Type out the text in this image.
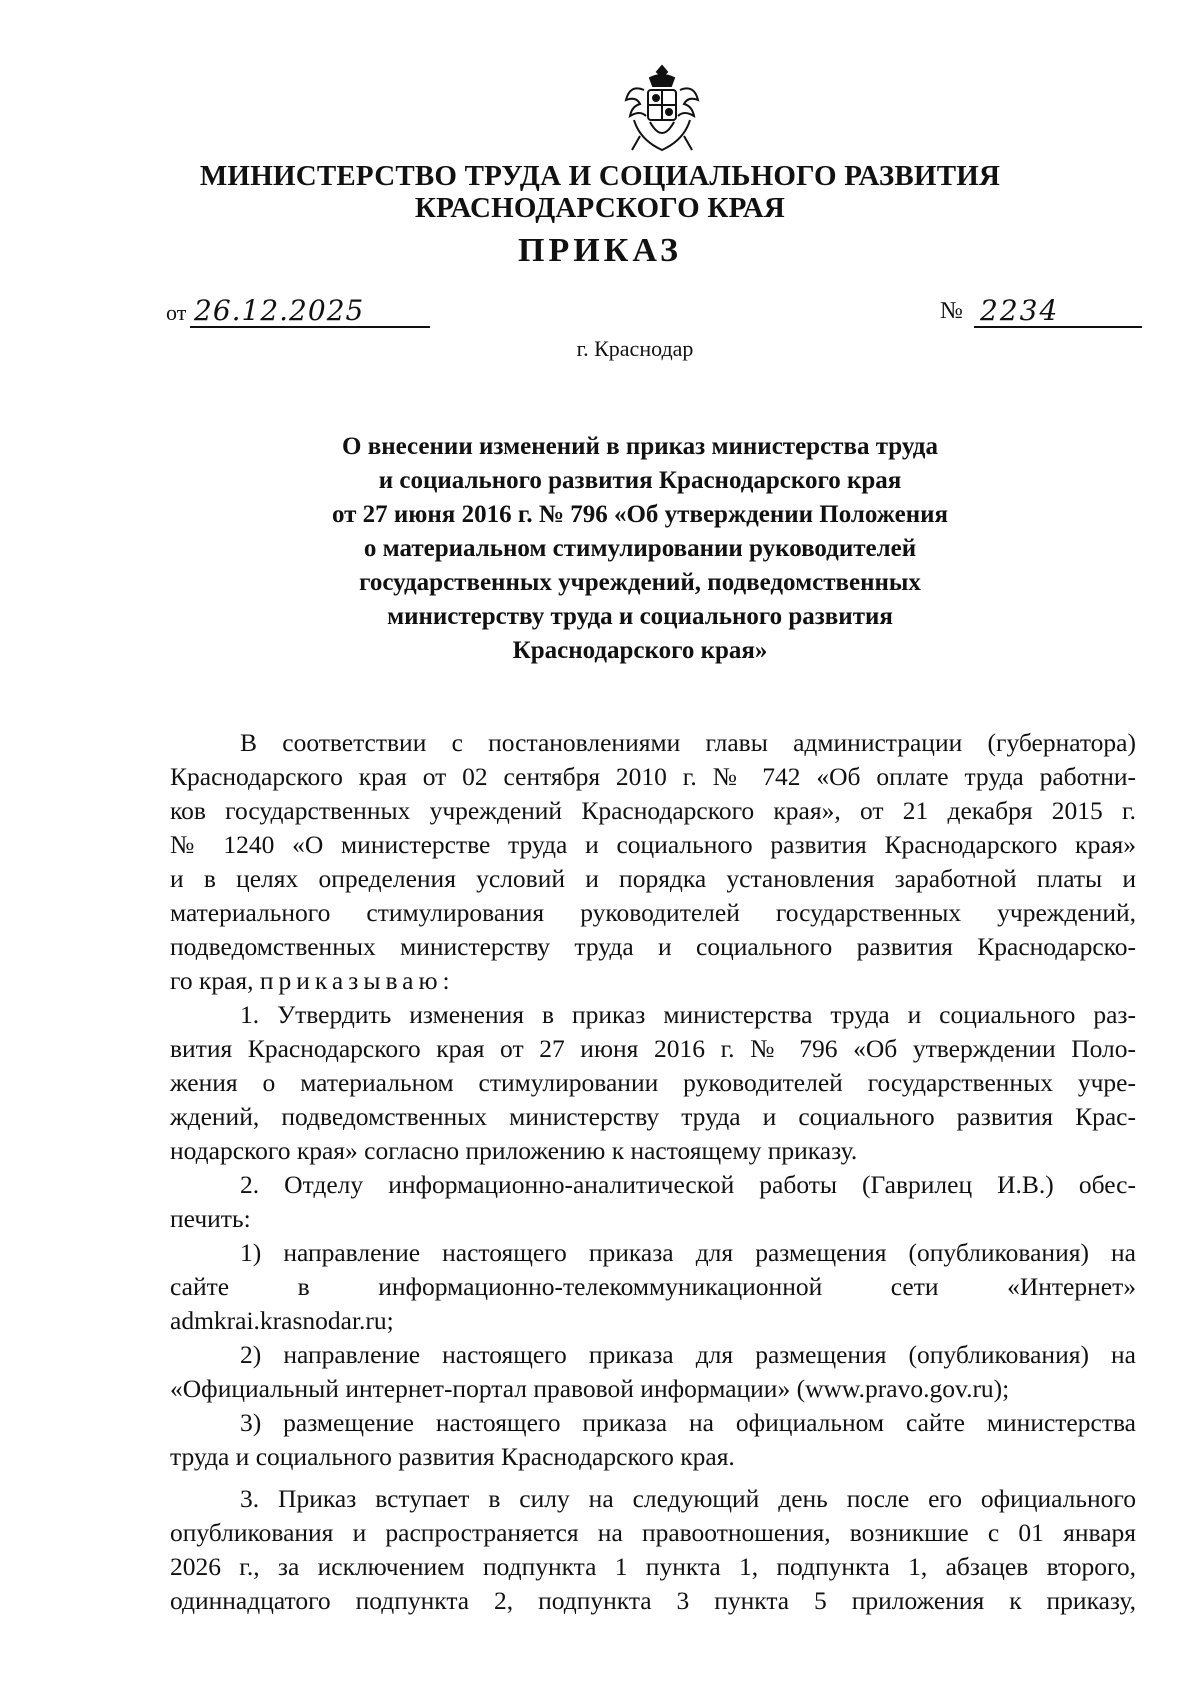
МИНИСТЕРСТВО ТРУДА И СОЦИАЛЬНОГО РАЗВИТИЯ
КРАСНОДАРСКОГО КРАЯ
ПРИКАЗ
от 26.12.2025	№ 2234
г. Краснодар
О внесении изменений в приказ министерства труда
и социального развития Краснодарского края
от 27 июня 2016 г. № 796 «Об утверждении Положения
о материальном стимулировании руководителей
государственных учреждений, подведомственных
министерству труда и социального развития
Краснодарского края»
В соответствии с постановлениями главы администрации (губернатора)
Краснодарского края от 02 сентября 2010 г. № 742 «Об оплате труда работни-
ков государственных учреждений Краснодарского края», от 21 декабря 2015 г.
№ 1240 «О министерстве труда и социального развития Краснодарского края»
и в целях определения условий и порядка установления заработной платы и
материального стимулирования руководителей государственных учреждений,
подведомственных министерству труда и социального развития Краснодарско-
го края, приказываю:
1. Утвердить изменения в приказ министерства труда и социального раз-
вития Краснодарского края от 27 июня 2016 г. № 796 «Об утверждении Поло-
жения о материальном стимулировании руководителей государственных учре-
ждений, подведомственных министерству труда и социального развития Крас-
нодарского края» согласно приложению к настоящему приказу.
2. Отделу информационно-аналитической работы (Гаврилец И.В.) обес-
печить:
1) направление настоящего приказа для размещения (опубликования) на
сайте в информационно-телекоммуникационной сети «Интернет»
admkrai.krasnodar.ru;
2) направление настоящего приказа для размещения (опубликования) на
«Официальный интернет-портал правовой информации» (www.pravo.gov.ru);
3) размещение настоящего приказа на официальном сайте министерства
труда и социального развития Краснодарского края.
3. Приказ вступает в силу на следующий день после его официального
опубликования и распространяется на правоотношения, возникшие с 01 января
2026 г., за исключением подпункта 1 пункта 1, подпункта 1, абзацев второго,
одиннадцатого подпункта 2, подпункта 3 пункта 5 приложения к приказу,
